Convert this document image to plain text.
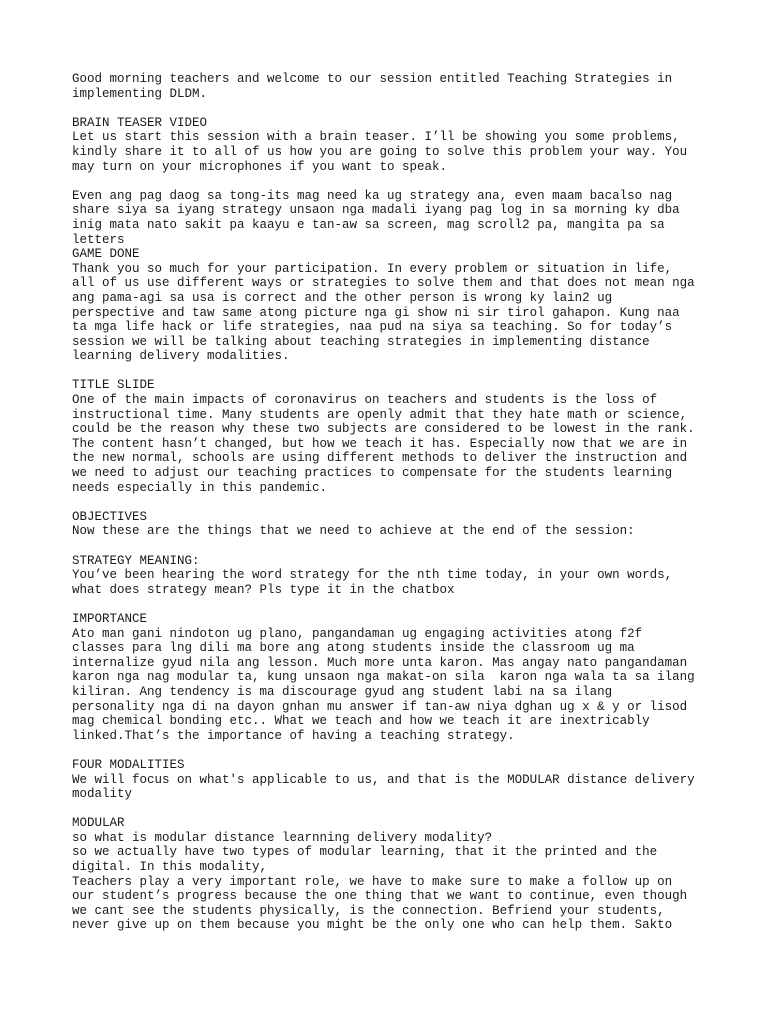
Good morning teachers and welcome to our session entitled Teaching Strategies in
implementing DLDM.
BRAIN TEASER VIDEO
Let us start this session with a brain teaser. I’ll be showing you some problems,
kindly share it to all of us how you are going to solve this problem your way. You
may turn on your microphones if you want to speak.
Even ang pag daog sa tong-its mag need ka ug strategy ana, even maam bacalso nag
share siya sa iyang strategy unsaon nga madali iyang pag log in sa morning ky dba
inig mata nato sakit pa kaayu e tan-aw sa screen, mag scroll2 pa, mangita pa sa
letters
GAME DONE
Thank you so much for your participation. In every problem or situation in life,
all of us use different ways or strategies to solve them and that does not mean nga
ang pama-agi sa usa is correct and the other person is wrong ky lain2 ug
perspective and taw same atong picture nga gi show ni sir tirol gahapon. Kung naa
ta mga life hack or life strategies, naa pud na siya sa teaching. So for today’s
session we will be talking about teaching strategies in implementing distance
learning delivery modalities.
TITLE SLIDE
One of the main impacts of coronavirus on teachers and students is the loss of
instructional time. Many students are openly admit that they hate math or science,
could be the reason why these two subjects are considered to be lowest in the rank.
The content hasn’t changed, but how we teach it has. Especially now that we are in
the new normal, schools are using different methods to deliver the instruction and
we need to adjust our teaching practices to compensate for the students learning
needs especially in this pandemic.
OBJECTIVES
Now these are the things that we need to achieve at the end of the session:
STRATEGY MEANING:
You’ve been hearing the word strategy for the nth time today, in your own words,
what does strategy mean? Pls type it in the chatbox
IMPORTANCE
Ato man gani nindoton ug plano, pangandaman ug engaging activities atong f2f
classes para lng dili ma bore ang atong students inside the classroom ug ma
internalize gyud nila ang lesson. Much more unta karon. Mas angay nato pangandaman
karon nga nag modular ta, kung unsaon nga makat-on sila  karon nga wala ta sa ilang
kiliran. Ang tendency is ma discourage gyud ang student labi na sa ilang
personality nga di na dayon gnhan mu answer if tan-aw niya dghan ug x & y or lisod
mag chemical bonding etc.. What we teach and how we teach it are inextricably
linked.That’s the importance of having a teaching strategy.
FOUR MODALITIES
We will focus on what's applicable to us, and that is the MODULAR distance delivery
modality
MODULAR
so what is modular distance learnning delivery modality?
so we actually have two types of modular learning, that it the printed and the
digital. In this modality,
Teachers play a very important role, we have to make sure to make a follow up on
our student’s progress because the one thing that we want to continue, even though
we cant see the students physically, is the connection. Befriend your students,
never give up on them because you might be the only one who can help them. Sakto
